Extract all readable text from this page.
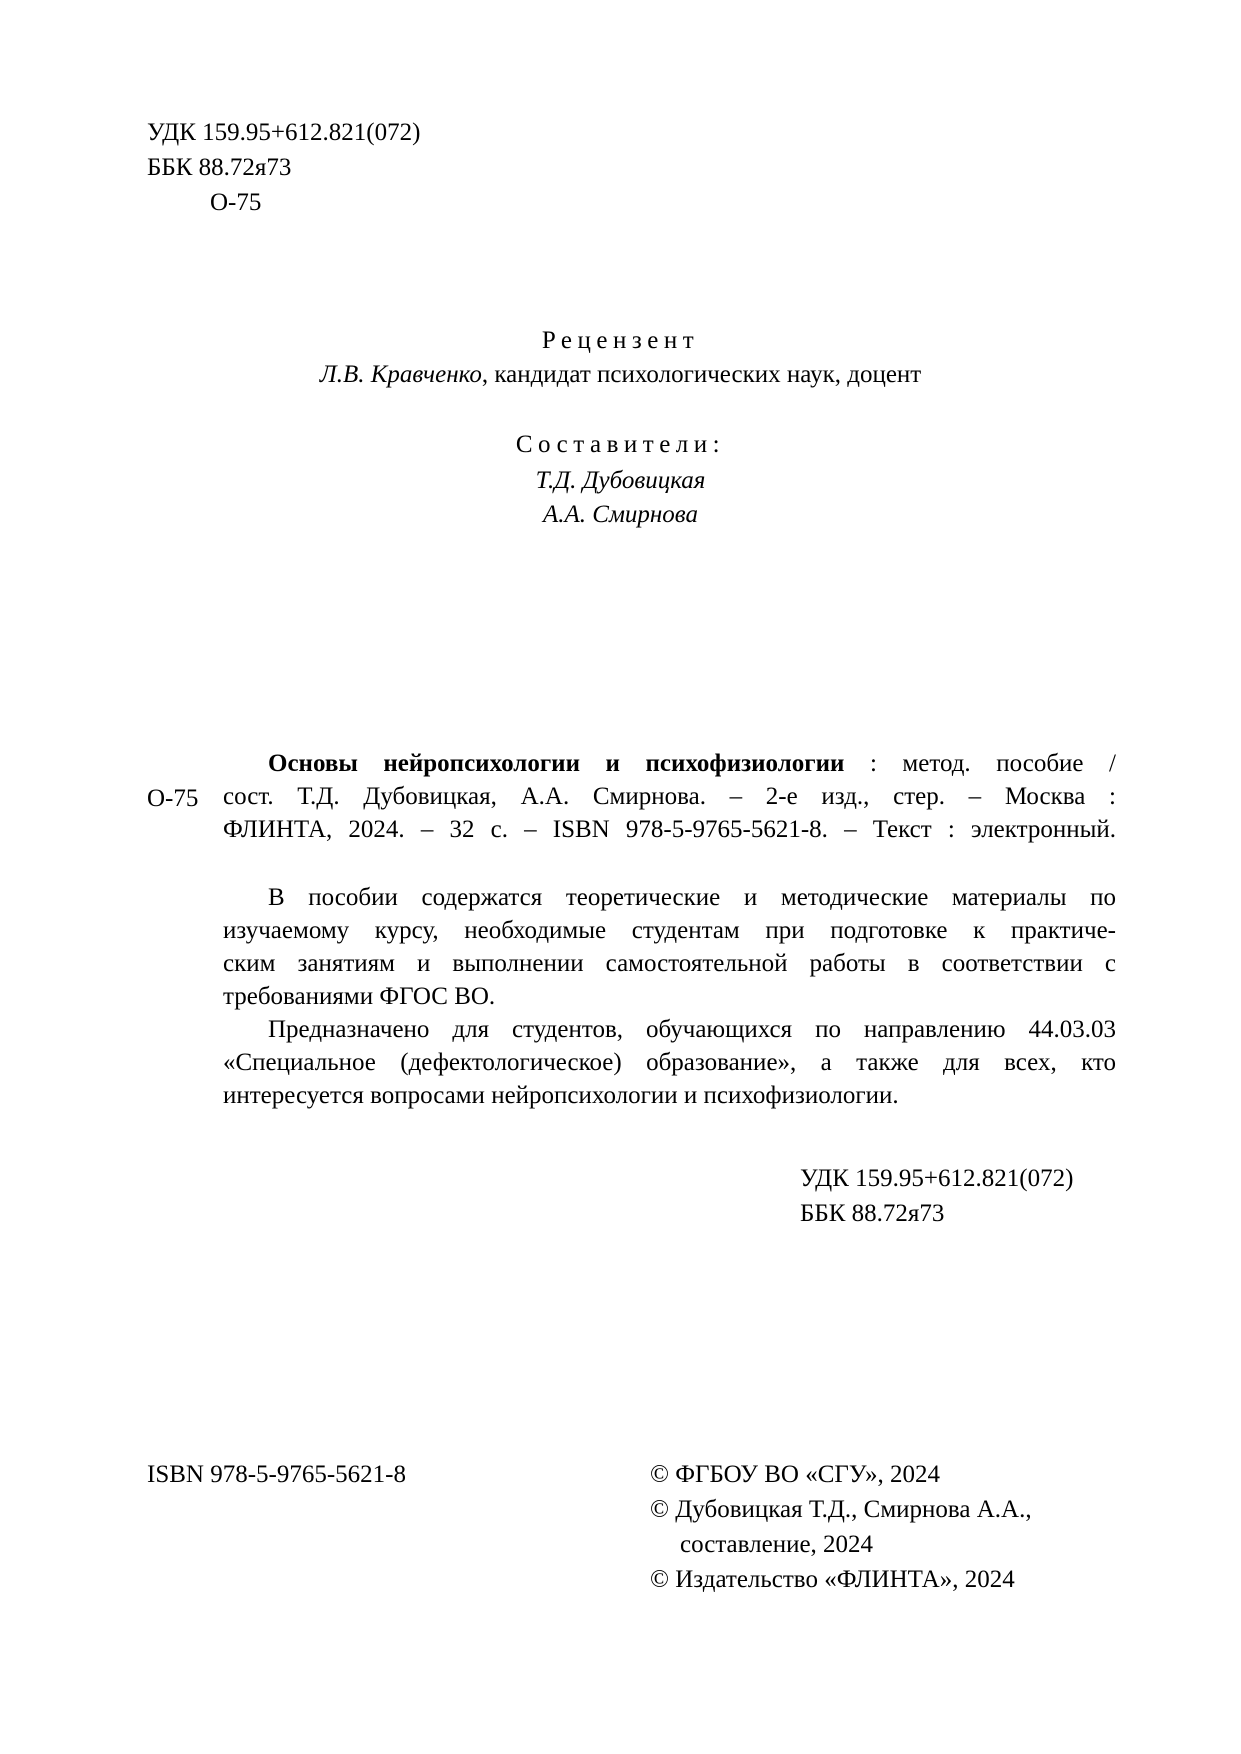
УДК 159.95+612.821(072)
ББК 88.72я73
О-75
Рецензент
Л.В. Кравченко, кандидат психологических наук, доцент
Составители:
Т.Д. Дубовицкая
А.А. Смирнова
О-75
Основы нейропсихологии и психофизиологии : метод. пособие /
сост. Т.Д. Дубовицкая, А.А. Смирнова. – 2-е изд., стер. – Москва :
ФЛИНТА, 2024. – 32 с. – ISBN 978-5-9765-5621-8. – Текст : электронный.
В пособии содержатся теоретические и методические материалы по
изучаемому курсу, необходимые студентам при подготовке к практиче-
ским занятиям и выполнении самостоятельной работы в соответствии с
требованиями ФГОС ВО.
Предназначено для студентов, обучающихся по направлению 44.03.03
«Специальное (дефектологическое) образование», а также для всех, кто
интересуется вопросами нейропсихологии и психофизиологии.
УДК 159.95+612.821(072)
ББК 88.72я73
ISBN 978-5-9765-5621-8	© ФГБОУ ВО «СГУ», 2024
© Дубовицкая Т.Д., Смирнова А.А.,
составление, 2024
© Издательство «ФЛИНТА», 2024
